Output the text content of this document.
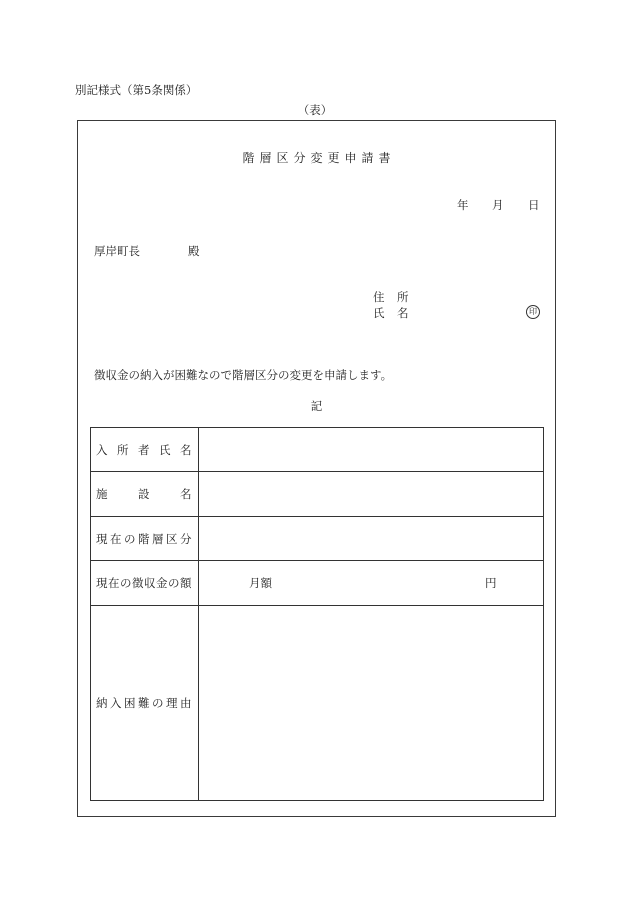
別記様式（第5条関係）
（表）
階層区分変更申請書
年 月 日
厚岸町長	殿
住所
氏名	印
徴収金の納入が困難なので階層区分の変更を申請します。
記
入所者氏名	
施設名	
現在の階層区分	
現在の徴収金の額	月額 円
納入困難の理由	
